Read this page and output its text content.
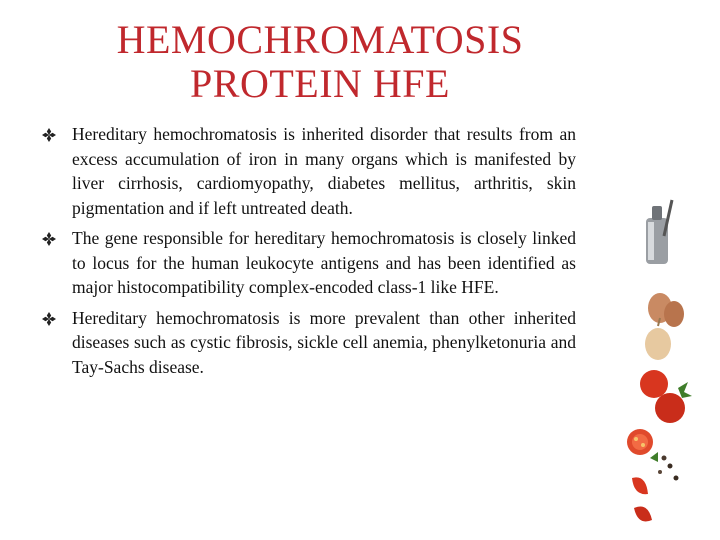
HEMOCHROMATOSIS
PROTEIN HFE
Hereditary hemochromatosis is inherited disorder that results from an excess accumulation of iron in many organs which is manifested by liver cirrhosis, cardiomyopathy, diabetes mellitus, arthritis, skin pigmentation and if left untreated death.
The gene responsible for hereditary hemochromatosis is closely linked to locus for the human leukocyte antigens and has been identified as major histocompatibility complex-encoded class-1 like HFE.
Hereditary hemochromatosis is more prevalent than other inherited diseases such as cystic fibrosis, sickle cell anemia, phenylketonuria and Tay-Sachs disease.
